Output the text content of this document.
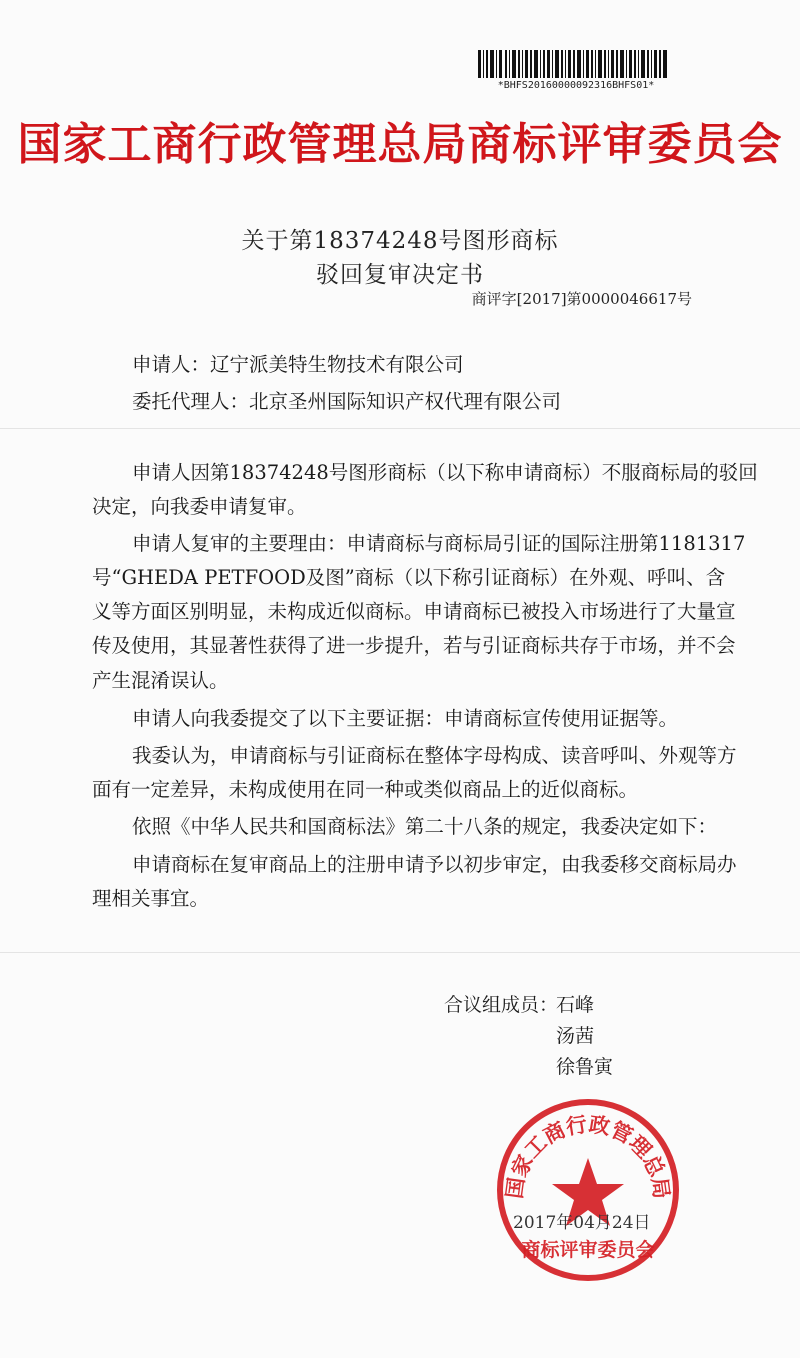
*BHFS20160000092316BHFS01*
国家工商行政管理总局商标评审委员会
关于第18374248号图形商标
驳回复审决定书
商评字[2017]第0000046617号
申请人：辽宁派美特生物技术有限公司
委托代理人：北京圣州国际知识产权代理有限公司
申请人因第18374248号图形商标（以下称申请商标）不服商标局的驳回
决定，向我委申请复审。
申请人复审的主要理由：申请商标与商标局引证的国际注册第1181317
号“GHEDA PETFOOD及图”商标（以下称引证商标）在外观、呼叫、含
义等方面区别明显，未构成近似商标。申请商标已被投入市场进行了大量宣
传及使用，其显著性获得了进一步提升，若与引证商标共存于市场，并不会
产生混淆误认。
申请人向我委提交了以下主要证据：申请商标宣传使用证据等。
我委认为，申请商标与引证商标在整体字母构成、读音呼叫、外观等方
面有一定差异，未构成使用在同一种或类似商品上的近似商标。
依照《中华人民共和国商标法》第二十八条的规定，我委决定如下：
申请商标在复审商品上的注册申请予以初步审定，由我委移交商标局办
理相关事宜。
合议组成员：
石峰
汤茜
徐鲁寅
国家工商行政管理总局
商标评审委员会
2017年04月24日
